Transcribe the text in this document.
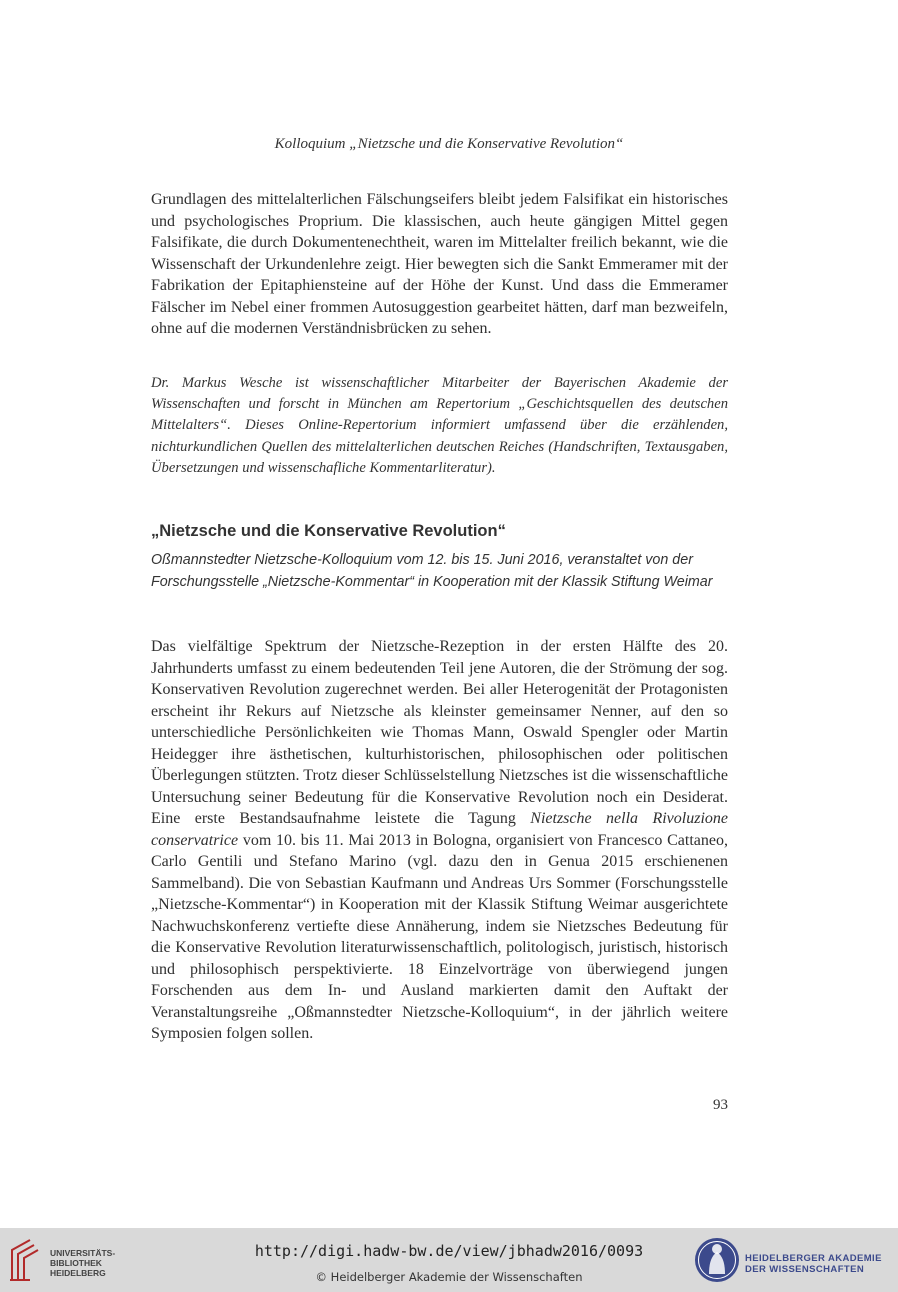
Kolloquium „Nietzsche und die Konservative Revolution“

Grundlagen des mittelalterlichen Fälschungseifers bleibt jedem Falsifikat ein historisches und psychologisches Proprium. Die klassischen, auch heute gängigen Mittel gegen Falsifikate, die durch Dokumentenechtheit, waren im Mittelalter freilich bekannt, wie die Wissenschaft der Urkundenlehre zeigt. Hier bewegten sich die Sankt Emmeramer mit der Fabrikation der Epitaphiensteine auf der Höhe der Kunst. Und dass die Emmeramer Fälscher im Nebel einer frommen Autosuggestion gearbeitet hätten, darf man bezweifeln, ohne auf die modernen Verständnisbrücken zu sehen.

Dr. Markus Wesche ist wissenschaftlicher Mitarbeiter der Bayerischen Akademie der Wissenschaften und forscht in München am Repertorium „Geschichtsquellen des deutschen Mittelalters“. Dieses Online-Repertorium informiert umfassend über die erzählenden, nichturkundlichen Quellen des mittelalterlichen deutschen Reiches (Handschriften, Textausgaben, Übersetzungen und wissenschafliche Kommentarliteratur).

„Nietzsche und die Konservative Revolution“

Oßmannstedter Nietzsche-Kolloquium vom 12. bis 15. Juni 2016, veranstaltet von der Forschungsstelle „Nietzsche-Kommentar“ in Kooperation mit der Klassik Stiftung Weimar

Das vielfältige Spektrum der Nietzsche-Rezeption in der ersten Hälfte des 20. Jahrhunderts umfasst zu einem bedeutenden Teil jene Autoren, die der Strömung der sog. Konservativen Revolution zugerechnet werden. Bei aller Heterogenität der Protagonisten erscheint ihr Rekurs auf Nietzsche als kleinster gemeinsamer Nenner, auf den so unterschiedliche Persönlichkeiten wie Thomas Mann, Oswald Spengler oder Martin Heidegger ihre ästhetischen, kulturhistorischen, philosophischen oder politischen Überlegungen stützten. Trotz dieser Schlüsselstellung Nietzsches ist die wissenschaftliche Untersuchung seiner Bedeutung für die Konservative Revolution noch ein Desiderat. Eine erste Bestandsaufnahme leistete die Tagung Nietzsche nella Rivoluzione conservatrice vom 10. bis 11. Mai 2013 in Bologna, organisiert von Francesco Cattaneo, Carlo Gentili und Stefano Marino (vgl. dazu den in Genua 2015 erschienenen Sammelband). Die von Sebastian Kaufmann und Andreas Urs Sommer (Forschungsstelle „Nietzsche-Kommentar“) in Kooperation mit der Klassik Stiftung Weimar ausgerichtete Nachwuchskonferenz vertiefte diese Annäherung, indem sie Nietzsches Bedeutung für die Konservative Revolution literaturwissenschaftlich, politologisch, juristisch, historisch und philosophisch perspektivierte. 18 Einzelvorträge von überwiegend jungen Forschenden aus dem In- und Ausland markierten damit den Auftakt der Veranstaltungsreihe „Oßmannstedter Nietzsche-Kolloquium“, in der jährlich weitere Symposien folgen sollen.

93
UNIVERSITÄTS-
BIBLIOTHEK
HEIDELBERG
http://digi.hadw-bw.de/view/jbhadw2016/0093
© Heidelberger Akademie der Wissenschaften
HEIDELBERGER AKADEMIE
DER WISSENSCHAFTEN
